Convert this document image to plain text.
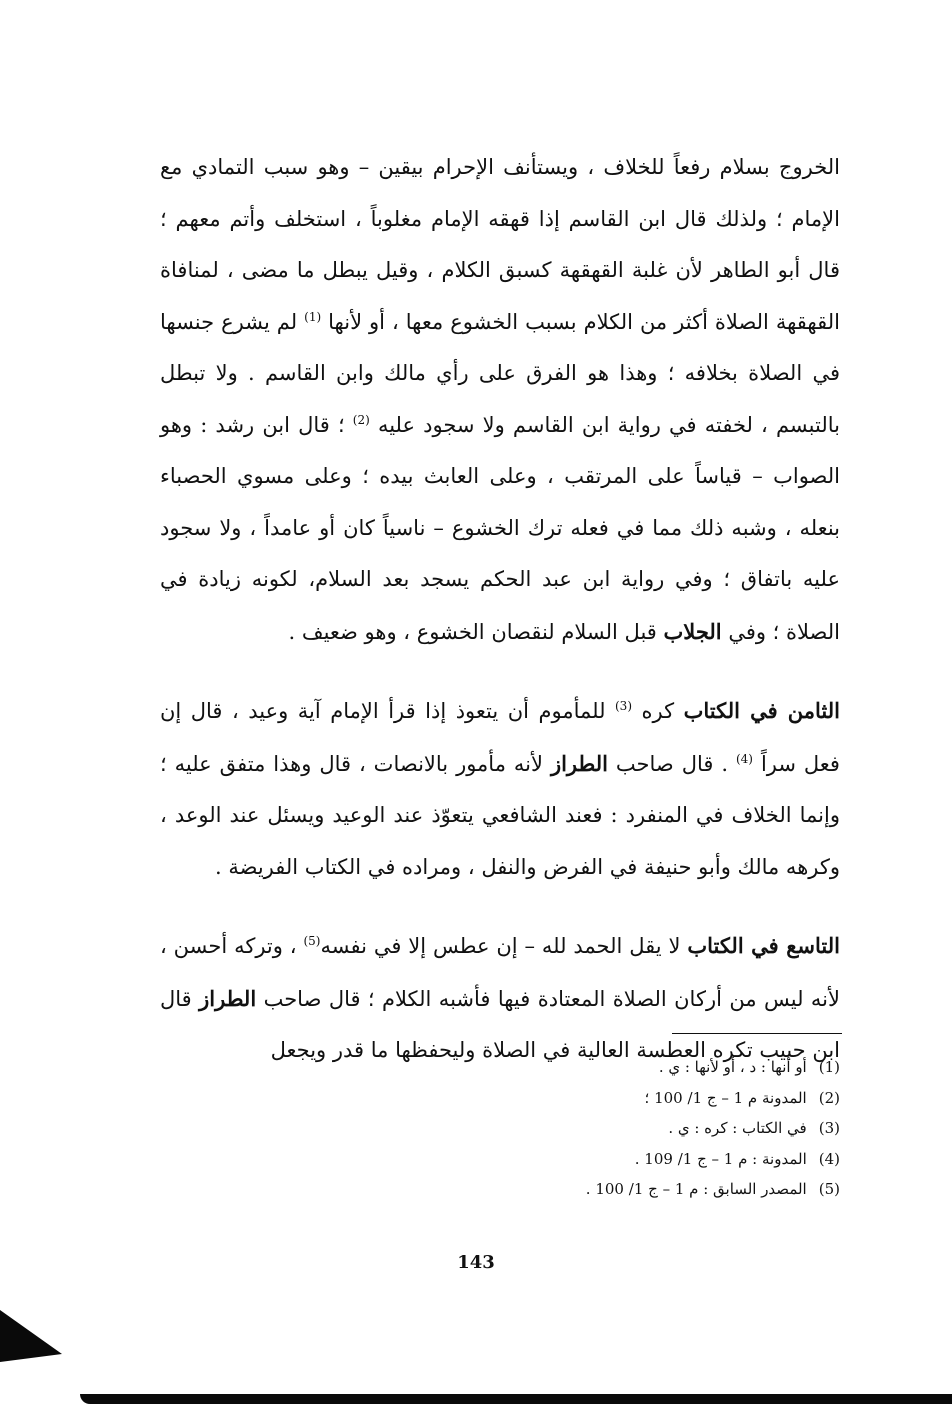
الخروج بسلام رفعاً للخلاف ، ويستأنف الإحرام بيقين – وهو سبب التمادي مع الإمام ؛ ولذلك قال ابن القاسم إذا قهقه الإمام مغلوباً ، استخلف وأتم معهم ؛ قال أبو الطاهر لأن غلبة القهقهة كسبق الكلام ، وقيل يبطل ما مضى ، لمنافاة القهقهة الصلاة أكثر من الكلام بسبب الخشوع معها ، أو لأنها $^{(1)}$ لم يشرع جنسها في الصلاة بخلافه ؛ وهذا هو الفرق على رأي مالك وابن القاسم . ولا تبطل بالتبسم ، لخفته في رواية ابن القاسم ولا سجود عليه $^{(2)}$ ؛ قال ابن رشد : وهو الصواب – قياساً على المرتقب ، وعلى العابث بيده ؛ وعلى مسوي الحصباء بنعله ، وشبه ذلك مما في فعله ترك الخشوع – ناسياً كان أو عامداً ، ولا سجود عليه باتفاق ؛ وفي رواية ابن عبد الحكم يسجد بعد السلام، لكونه زيادة في الصلاة ؛ وفي الجلاب قبل السلام لنقصان الخشوع ، وهو ضعيف .

الثامن في الكتاب كره $^{(3)}$ للمأموم أن يتعوذ إذا قرأ الإمام آية وعيد ، قال إن فعل سراً $^{(4)}$ . قال صاحب الطراز لأنه مأمور بالانصات ، قال وهذا متفق عليه ؛ وإنما الخلاف في المنفرد : فعند الشافعي يتعوّذ عند الوعيد ويسئل عند الوعد ، وكرهه مالك وأبو حنيفة في الفرض والنفل ، ومراده في الكتاب الفريضة .

التاسع في الكتاب لا يقل الحمد لله – إن عطس إلا في نفسه$^{(5)}$ ، وتركه أحسن ، لأنه ليس من أركان الصلاة المعتادة فيها فأشبه الكلام ؛ قال صاحب الطراز قال ابن حبيب تكره العطسة العالية في الصلاة وليحفظها ما قدر ويجعل

(1)أو أنها : د ، أو لأنها : ي .
(2)المدونة م 1 – ج 1/ 100 ؛
(3)في الكتاب : كره : ي .
(4)المدونة : م 1 – ج 1/ 109 .
(5)المصدر السابق : م 1 – ج 1/ 100 .
143
